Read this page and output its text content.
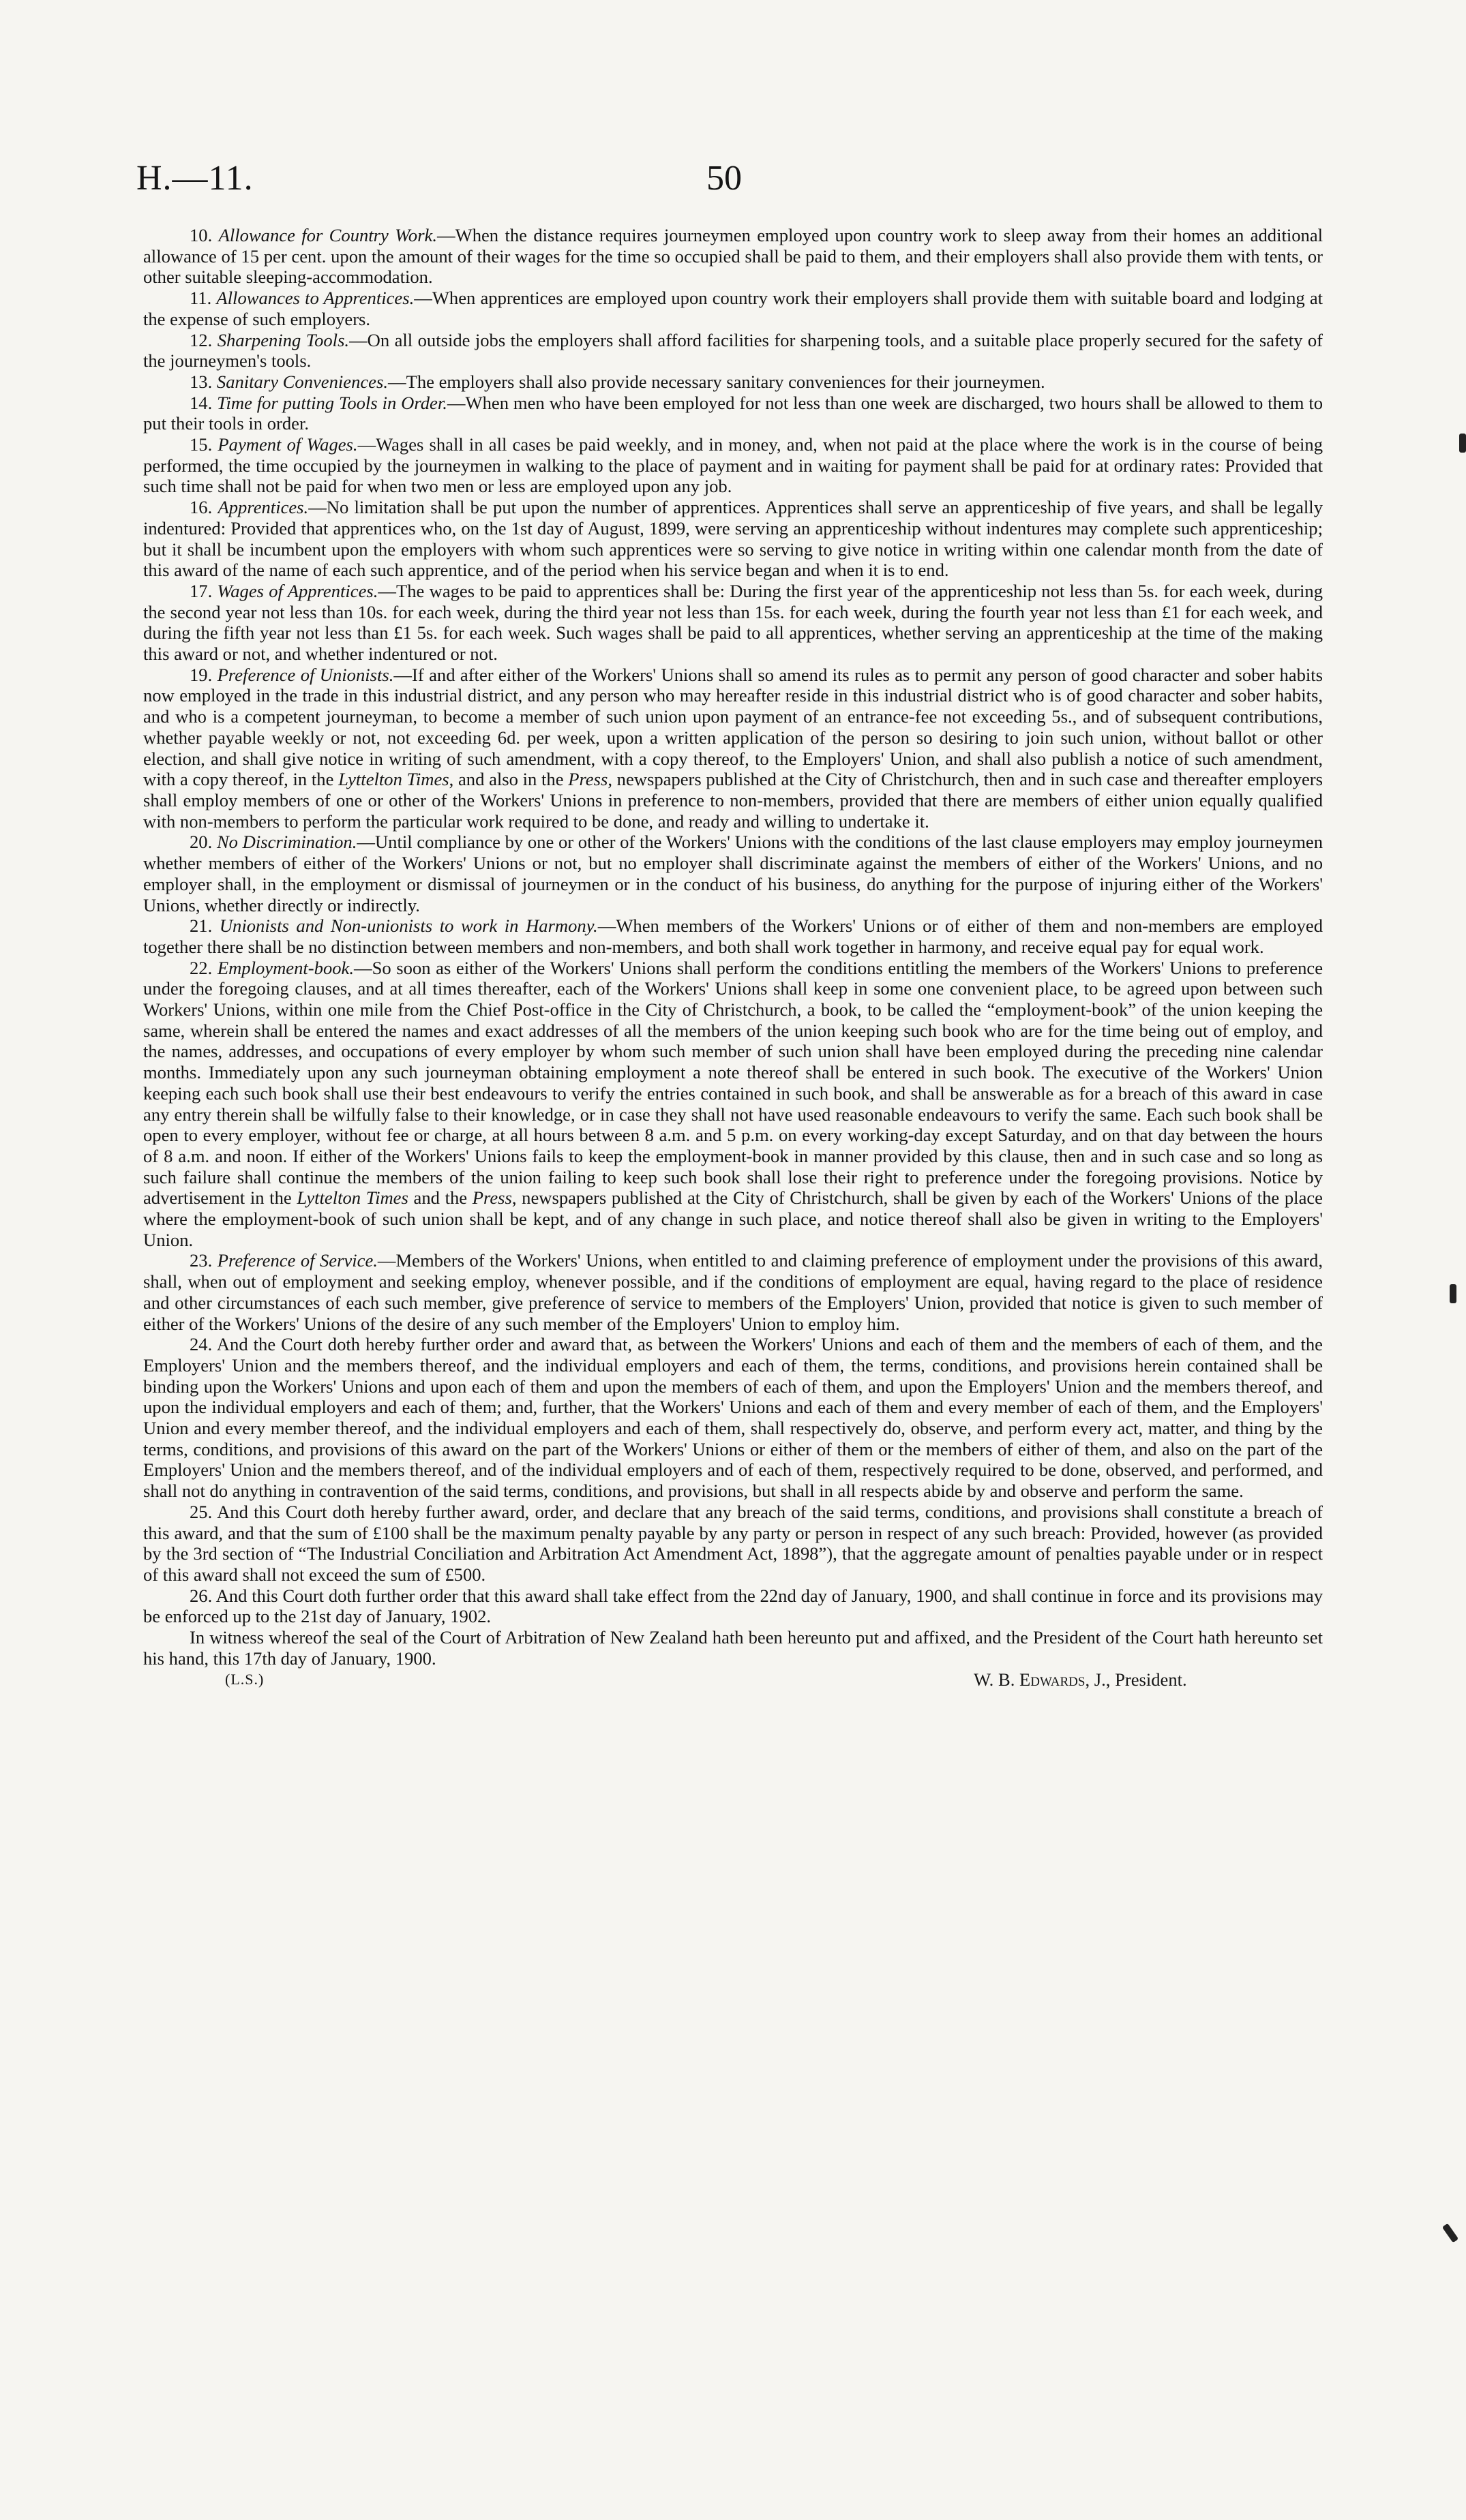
H.—11.	50

10. Allowance for Country Work.—When the distance requires journeymen employed upon country work to sleep away from their homes an additional allowance of 15 per cent. upon the amount of their wages for the time so occupied shall be paid to them, and their employers shall also provide them with tents, or other suitable sleeping-accommodation.

11. Allowances to Apprentices.—When apprentices are employed upon country work their employers shall provide them with suitable board and lodging at the expense of such employers.

12. Sharpening Tools.—On all outside jobs the employers shall afford facilities for sharpening tools, and a suitable place properly secured for the safety of the journeymen's tools.

13. Sanitary Conveniences.—The employers shall also provide necessary sanitary conveniences for their journeymen.

14. Time for putting Tools in Order.—When men who have been employed for not less than one week are discharged, two hours shall be allowed to them to put their tools in order.

15. Payment of Wages.—Wages shall in all cases be paid weekly, and in money, and, when not paid at the place where the work is in the course of being performed, the time occupied by the journeymen in walking to the place of payment and in waiting for payment shall be paid for at ordinary rates: Provided that such time shall not be paid for when two men or less are employed upon any job.

16. Apprentices.—No limitation shall be put upon the number of apprentices. Apprentices shall serve an apprenticeship of five years, and shall be legally indentured: Provided that apprentices who, on the 1st day of August, 1899, were serving an apprenticeship without indentures may complete such apprenticeship; but it shall be incumbent upon the employers with whom such apprentices were so serving to give notice in writing within one calendar month from the date of this award of the name of each such apprentice, and of the period when his service began and when it is to end.

17. Wages of Apprentices.—The wages to be paid to apprentices shall be: During the first year of the apprenticeship not less than 5s. for each week, during the second year not less than 10s. for each week, during the third year not less than 15s. for each week, during the fourth year not less than £1 for each week, and during the fifth year not less than £1 5s. for each week. Such wages shall be paid to all apprentices, whether serving an apprenticeship at the time of the making this award or not, and whether indentured or not.

19. Preference of Unionists.—If and after either of the Workers' Unions shall so amend its rules as to permit any person of good character and sober habits now employed in the trade in this industrial district, and any person who may hereafter reside in this industrial district who is of good character and sober habits, and who is a competent journeyman, to become a member of such union upon payment of an entrance-fee not exceeding 5s., and of subsequent contributions, whether payable weekly or not, not exceeding 6d. per week, upon a written application of the person so desiring to join such union, without ballot or other election, and shall give notice in writing of such amendment, with a copy thereof, to the Employers' Union, and shall also publish a notice of such amendment, with a copy thereof, in the Lyttelton Times, and also in the Press, newspapers published at the City of Christchurch, then and in such case and thereafter employers shall employ members of one or other of the Workers' Unions in preference to non-members, provided that there are members of either union equally qualified with non-members to perform the particular work required to be done, and ready and willing to undertake it.

20. No Discrimination.—Until compliance by one or other of the Workers' Unions with the conditions of the last clause employers may employ journeymen whether members of either of the Workers' Unions or not, but no employer shall discriminate against the members of either of the Workers' Unions, and no employer shall, in the employment or dismissal of journeymen or in the conduct of his business, do anything for the purpose of injuring either of the Workers' Unions, whether directly or indirectly.

21. Unionists and Non-unionists to work in Harmony.—When members of the Workers' Unions or of either of them and non-members are employed together there shall be no distinction between members and non-members, and both shall work together in harmony, and receive equal pay for equal work.

22. Employment-book.—So soon as either of the Workers' Unions shall perform the conditions entitling the members of the Workers' Unions to preference under the foregoing clauses, and at all times thereafter, each of the Workers' Unions shall keep in some one convenient place, to be agreed upon between such Workers' Unions, within one mile from the Chief Post-office in the City of Christchurch, a book, to be called the “employment-book” of the union keeping the same, wherein shall be entered the names and exact addresses of all the members of the union keeping such book who are for the time being out of employ, and the names, addresses, and occupations of every employer by whom such member of such union shall have been employed during the preceding nine calendar months. Immediately upon any such journeyman obtaining employment a note thereof shall be entered in such book. The executive of the Workers' Union keeping each such book shall use their best endeavours to verify the entries contained in such book, and shall be answerable as for a breach of this award in case any entry therein shall be wilfully false to their knowledge, or in case they shall not have used reasonable endeavours to verify the same. Each such book shall be open to every employer, without fee or charge, at all hours between 8 a.m. and 5 p.m. on every working-day except Saturday, and on that day between the hours of 8 a.m. and noon. If either of the Workers' Unions fails to keep the employment-book in manner provided by this clause, then and in such case and so long as such failure shall continue the members of the union failing to keep such book shall lose their right to preference under the foregoing provisions. Notice by advertisement in the Lyttelton Times and the Press, newspapers published at the City of Christchurch, shall be given by each of the Workers' Unions of the place where the employment-book of such union shall be kept, and of any change in such place, and notice thereof shall also be given in writing to the Employers' Union.

23. Preference of Service.—Members of the Workers' Unions, when entitled to and claiming preference of employment under the provisions of this award, shall, when out of employment and seeking employ, whenever possible, and if the conditions of employment are equal, having regard to the place of residence and other circumstances of each such member, give preference of service to members of the Employers' Union, provided that notice is given to such member of either of the Workers' Unions of the desire of any such member of the Employers' Union to employ him.

24. And the Court doth hereby further order and award that, as between the Workers' Unions and each of them and the members of each of them, and the Employers' Union and the members thereof, and the individual employers and each of them, the terms, conditions, and provisions herein contained shall be binding upon the Workers' Unions and upon each of them and upon the members of each of them, and upon the Employers' Union and the members thereof, and upon the individual employers and each of them; and, further, that the Workers' Unions and each of them and every member of each of them, and the Employers' Union and every member thereof, and the individual employers and each of them, shall respectively do, observe, and perform every act, matter, and thing by the terms, conditions, and provisions of this award on the part of the Workers' Unions or either of them or the members of either of them, and also on the part of the Employers' Union and the members thereof, and of the individual employers and of each of them, respectively required to be done, observed, and performed, and shall not do anything in contravention of the said terms, conditions, and provisions, but shall in all respects abide by and observe and perform the same.

25. And this Court doth hereby further award, order, and declare that any breach of the said terms, conditions, and provisions shall constitute a breach of this award, and that the sum of £100 shall be the maximum penalty payable by any party or person in respect of any such breach: Provided, however (as provided by the 3rd section of “The Industrial Conciliation and Arbitration Act Amendment Act, 1898”), that the aggregate amount of penalties payable under or in respect of this award shall not exceed the sum of £500.

26. And this Court doth further order that this award shall take effect from the 22nd day of January, 1900, and shall continue in force and its provisions may be enforced up to the 21st day of January, 1902.

In witness whereof the seal of the Court of Arbitration of New Zealand hath been hereunto put and affixed, and the President of the Court hath hereunto set his hand, this 17th day of January, 1900.

(L.S.)	W. B. Edwards, J., President.
